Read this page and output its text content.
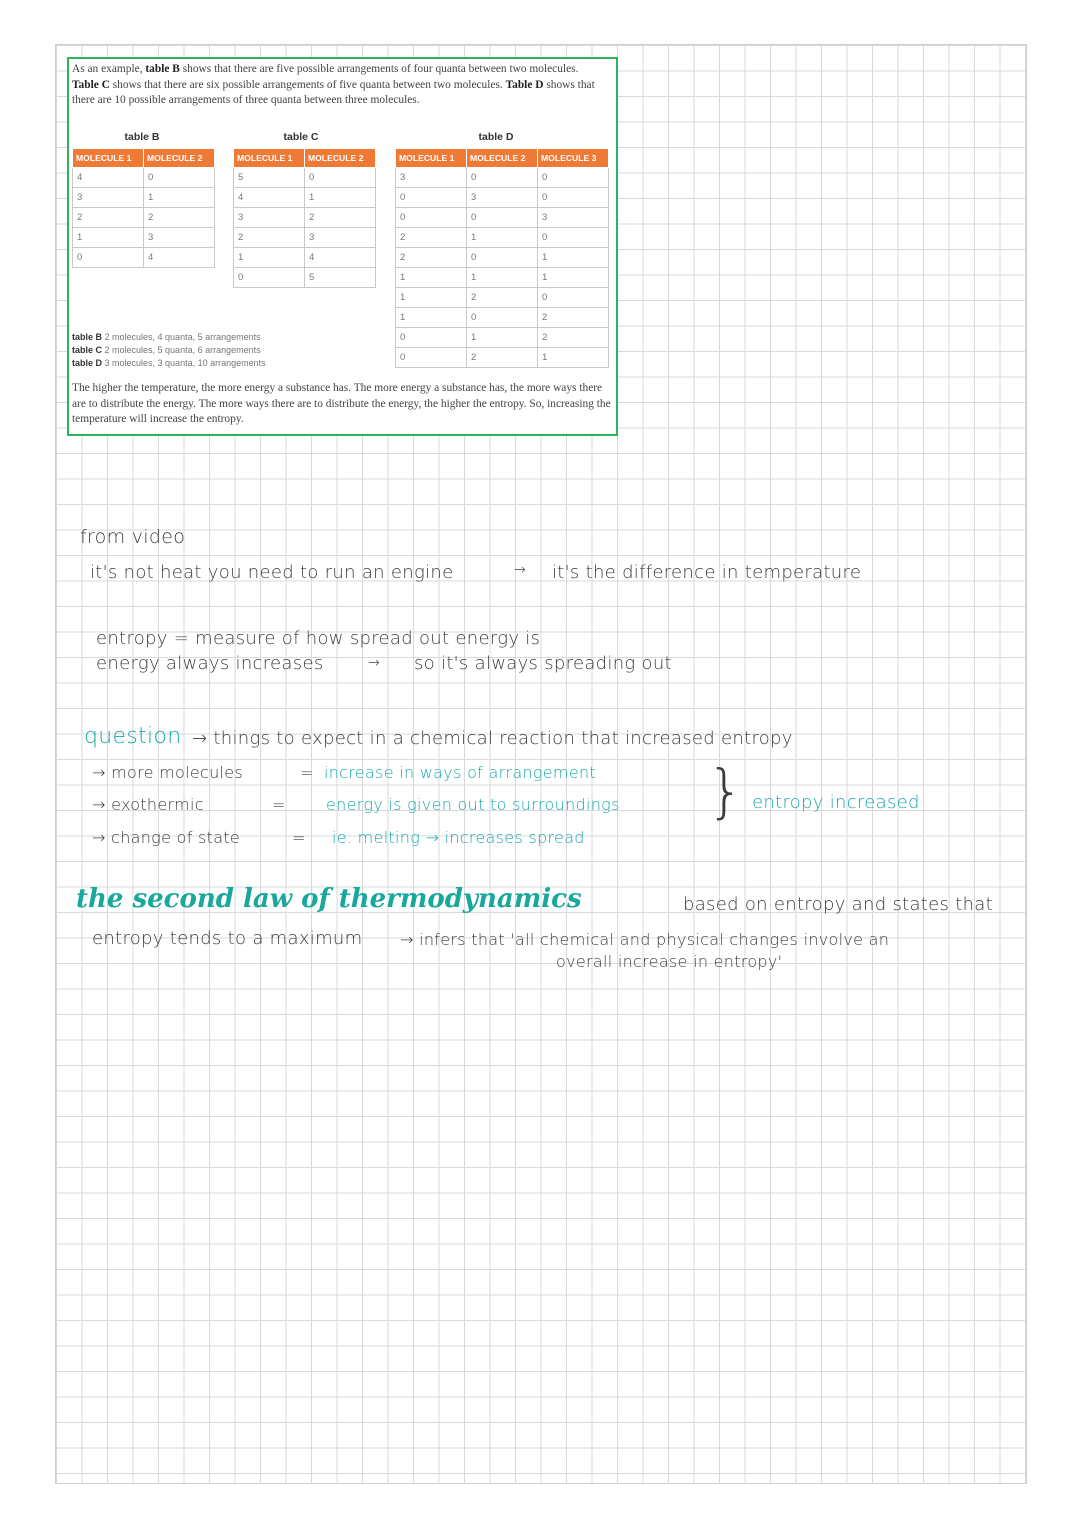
As an example, table B shows that there are five possible arrangements of four quanta between two molecules. Table C shows that there are six possible arrangements of five quanta between two molecules. Table D shows that there are 10 possible arrangements of three quanta between three molecules.

table B	table C	table D
MOLECULE 1	MOLECULE 2
4	0
3	1
2	2
1	3
0	4
MOLECULE 1	MOLECULE 2
5	0
4	1
3	2
2	3
1	4
0	5
MOLECULE 1	MOLECULE 2	MOLECULE 3
3	0	0
0	3	0
0	0	3
2	1	0
2	0	1
1	1	1
1	2	0
1	0	2
0	1	2
0	2	1
table B 2 molecules, 4 quanta, 5 arrangements
table C 2 molecules, 5 quanta, 6 arrangements
table D 3 molecules, 3 quanta, 10 arrangements

The higher the temperature, the more energy a substance has. The more energy a substance has, the more ways there are to distribute the energy. The more ways there are to distribute the energy, the higher the entropy. So, increasing the temperature will increase the entropy.

from video
it's not heat you need to run an engine	→ it's the difference in temperature
entropy = measure of how spread out energy is
energy always increases	→ so it's always spreading out
question → things to expect in a chemical reaction that increased entropy
→ more molecules	= increase in ways of arrangement
→ exothermic	=	energy is given out to surroundings
→ change of state	= ie. melting → increases spread
} entropy increased
the second law of thermodynamics	based on entropy and states that
entropy tends to a maximum → infers that 'all chemical and physical changes involve an
overall increase in entropy'
